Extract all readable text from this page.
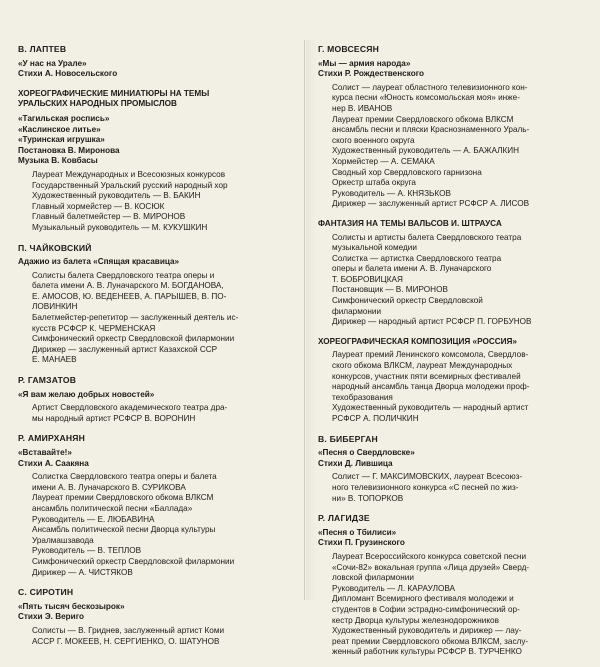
В. ЛАПТЕВ
«У нас на Урале»
Стихи А. Новосельского
ХОРЕОГРАФИЧЕСКИЕ МИНИАТЮРЫ НА ТЕМЫ
УРАЛЬСКИХ НАРОДНЫХ ПРОМЫСЛОВ
«Тагильская роспись»
«Каслинское литье»
«Туринская игрушка»
Постановка В. Миронова
Музыка В. Ковбасы
Лауреат Международных и Всесоюзных конкурсов
Государственный Уральский русский народный хор
Художественный руководитель — В. БАКИН
Главный хормейстер — В. КОСЮК
Главный балетмейстер — В. МИРОНОВ
Музыкальный руководитель — М. КУКУШКИН
П. ЧАЙКОВСКИЙ
Адажио из балета «Спящая красавица»
Солисты балета Свердловского театра оперы и
балета имени А. В. Луначарского М. БОГДАНОВА,
Е. АМОСОВ, Ю. ВЕДЕНЕЕВ, А. ПАРЫШЕВ, В. ПО-
ЛОВИНКИН
Балетмейстер-репетитор — заслуженный деятель ис-
кусств РСФСР К. ЧЕРМЕНСКАЯ
Симфонический оркестр Свердловской филармонии
Дирижер — заслуженный артист Казахской ССР
Е. МАНАЕВ
Р. ГАМЗАТОВ
«Я вам желаю добрых новостей»
Артист Свердловского академического театра дра-
мы народный артист РСФСР В. ВОРОНИН
Р. АМИРХАНЯН
«Вставайте!»
Стихи А. Саакяна
Солистка Свердловского театра оперы и балета
имени А. В. Луначарского В. СУРИКОВА
Лауреат премии Свердловского обкома ВЛКСМ
ансамбль политической песни «Баллада»
Руководитель — Е. ЛЮБАВИНА
Ансамбль политической песни Дворца культуры
Уралмашзавода
Руководитель — В. ТЕПЛОВ
Симфонический оркестр Свердловской филармонии
Дирижер — А. ЧИСТЯКОВ
С. СИРОТИН
«Пять тысяч бескозырок»
Стихи Э. Вериго
Солисты — В. Гриднев, заслуженный артист Коми
АССР Г. МОКЕЕВ, Н. СЕРГИЕНКО, О. ШАТУНОВ
Г. МОВСЕСЯН
«Мы — армия народа»
Стихи Р. Рождественского
Солист — лауреат областного телевизионного кон-
курса песни «Юность комсомольская моя» инже-
нер В. ИВАНОВ
Лауреат премии Свердловского обкома ВЛКСМ
ансамбль песни и пляски Краснознаменного Ураль-
ского военного округа
Художественный руководитель — А. БАЖАЛКИН
Хормейстер — А. СЕМАКА
Сводный хор Свердловского гарнизона
Оркестр штаба округа
Руководитель — А. КНЯЗЬКОВ
Дирижер — заслуженный артист РСФСР А. ЛИСОВ
ФАНТАЗИЯ НА ТЕМЫ ВАЛЬСОВ И. ШТРАУСА
Солисты и артисты балета Свердловского театра
музыкальной комедии
Солистка — артистка Свердловского театра
оперы и балета имени А. В. Луначарского
Т. БОБРОВИЦКАЯ
Постановщик — В. МИРОНОВ
Симфонический оркестр Свердловской
филармонии
Дирижер — народный артист РСФСР П. ГОРБУНОВ
ХОРЕОГРАФИЧЕСКАЯ КОМПОЗИЦИЯ «РОССИЯ»
Лауреат премий Ленинского комсомола, Свердлов-
ского обкома ВЛКСМ, лауреат Международных
конкурсов, участник пяти всемирных фестивалей
народный ансамбль танца Дворца молодежи проф-
техобразования
Художественный руководитель — народный артист
РСФСР А. ПОЛИЧКИН
В. БИБЕРГАН
«Песня о Свердловске»
Стихи Д. Лившица
Солист — Г. МАКСИМОВСКИХ, лауреат Всесоюз-
ного телевизионного конкурса «С песней по жиз-
ни» В. ТОПОРКОВ
Р. ЛАГИДЗЕ
«Песня о Тбилиси»
Стихи П. Грузинского
Лауреат Всероссийского конкурса советской песни
«Сочи-82» вокальная группа «Лица друзей» Сверд-
ловской филармонии
Руководитель — Л. КАРАУЛОВА
Дипломант Всемирного фестиваля молодежи и
студентов в Софии эстрадно-симфонический ор-
кестр Дворца культуры железнодорожников
Художественный руководитель и дирижер — лау-
реат премии Свердловского обкома ВЛКСМ, заслу-
женный работник культуры РСФСР В. ТУРЧЕНКО
